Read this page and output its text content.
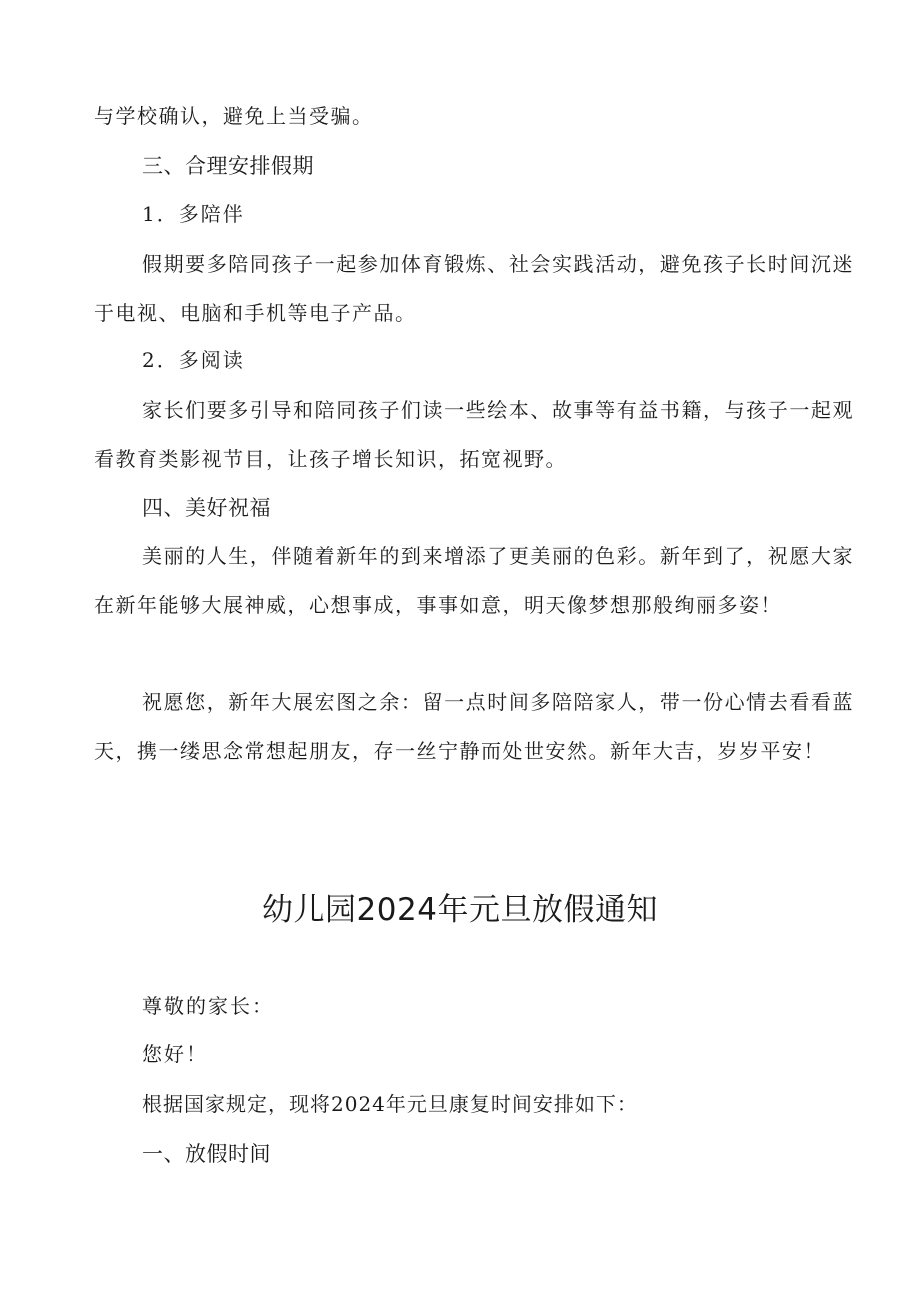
与学校确认，避免上当受骗。

三、合理安排假期

1．多陪伴

假期要多陪同孩子一起参加体育锻炼、社会实践活动，避免孩子长时间沉迷于电视、电脑和手机等电子产品。

2．多阅读

家长们要多引导和陪同孩子们读一些绘本、故事等有益书籍，与孩子一起观看教育类影视节目，让孩子增长知识，拓宽视野。

四、美好祝福

美丽的人生，伴随着新年的到来增添了更美丽的色彩。新年到了，祝愿大家在新年能够大展神威，心想事成，事事如意，明天像梦想那般绚丽多姿！

祝愿您，新年大展宏图之余：留一点时间多陪陪家人，带一份心情去看看蓝天，携一缕思念常想起朋友，存一丝宁静而处世安然。新年大吉，岁岁平安！

幼儿园2024年元旦放假通知

尊敬的家长：

您好！

根据国家规定，现将2024年元旦康复时间安排如下：

一、放假时间
